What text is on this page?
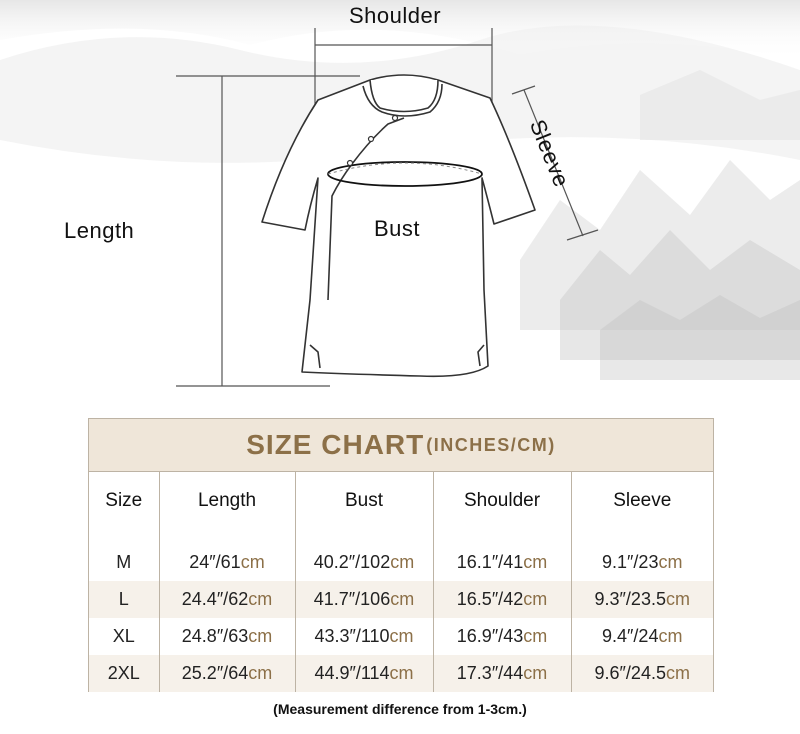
Shoulder
Length	Bust
Sleeve
SIZE CHART (INCHES/CM)
Size	Length	Bust	Shoulder	Sleeve

M	24″/61cm	40.2″/102cm	16.1″/41cm	9.1″/23cm
L	24.4″/62cm	41.7″/106cm	16.5″/42cm	9.3″/23.5cm
XL	24.8″/63cm	43.3″/110cm	16.9″/43cm	9.4″/24cm
2XL	25.2″/64cm	44.9″/114cm	17.3″/44cm	9.6″/24.5cm
(Measurement difference from 1-3cm.)
